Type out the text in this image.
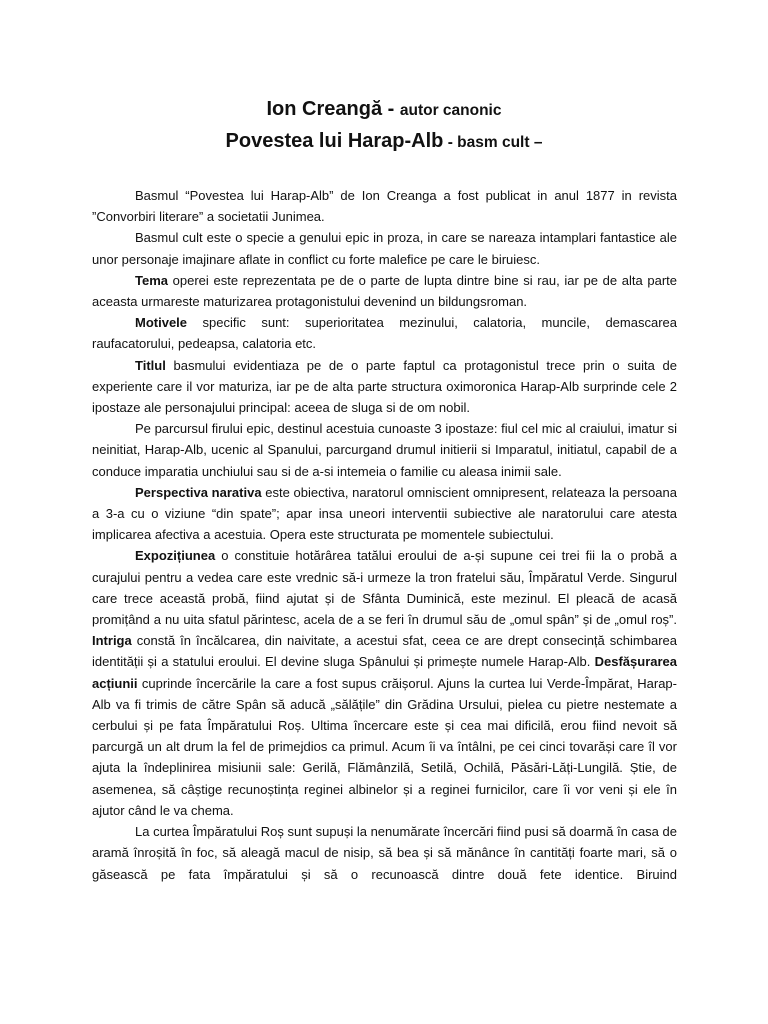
Ion Creangă - autor canonic
Povestea lui Harap-Alb - basm cult –

Basmul “Povestea lui Harap-Alb” de Ion Creanga a fost publicat in anul 1877 in revista ”Convorbiri literare” a societatii Junimea.

Basmul cult este o specie a genului epic in proza, in care se nareaza intamplari fantastice ale unor personaje imajinare aflate in conflict cu forte malefice pe care le biruiesc.

Tema operei este reprezentata pe de o parte de lupta dintre bine si rau, iar pe de alta parte aceasta urmareste maturizarea protagonistului devenind un bildungsroman.

Motivele specific sunt: superioritatea mezinului, calatoria, muncile, demascarea raufacatorului, pedeapsa, calatoria etc.

Titlul basmului evidentiaza pe de o parte faptul ca protagonistul trece prin o suita de experiente care il vor maturiza, iar pe de alta parte structura oximoronica Harap-Alb surprinde cele 2 ipostaze ale personajului principal: aceea de sluga si de om nobil.

Pe parcursul firului epic, destinul acestuia cunoaste 3 ipostaze: fiul cel mic al craiului, imatur si neinitiat, Harap-Alb, ucenic al Spanului, parcurgand drumul initierii si Imparatul, initiatul, capabil de a conduce imparatia unchiului sau si de a-si intemeia o familie cu aleasa inimii sale.

Perspectiva narativa este obiectiva, naratorul omniscient omnipresent, relateaza la persoana a 3-a cu o viziune “din spate”; apar insa uneori interventii subiective ale naratorului care atesta implicarea afectiva a acestuia. Opera este structurata pe momentele subiectului.

Expozițiunea o constituie hotărârea tatălui eroului de a-și supune cei trei fii la o probă a curajului pentru a vedea care este vrednic să-i urmeze la tron fratelui său, Împăratul Verde. Singurul care trece această probă, fiind ajutat și de Sfânta Duminică, este mezinul. El pleacă de acasă promițând a nu uita sfatul părintesc, acela de a se feri în drumul său de „omul spân” și de „omul roș”. Intriga constă în încălcarea, din naivitate, a acestui sfat, ceea ce are drept consecință schimbarea identității și a statului eroului. El devine sluga Spânului și primește numele Harap-Alb. Desfășurarea acțiunii cuprinde încercările la care a fost supus crăișorul. Ajuns la curtea lui Verde-Împărat, Harap-Alb va fi trimis de către Spân să aducă „sălățile” din Grădina Ursului, pielea cu pietre nestemate a cerbului și pe fata Împăratului Roș. Ultima încercare este și cea mai dificilă, erou fiind nevoit să parcurgă un alt drum la fel de primejdios ca primul. Acum îi va întâlni, pe cei cinci tovarăși care îl vor ajuta la îndeplinirea misiunii sale: Gerilă, Flămânzilă, Setilă, Ochilă, Păsări-Lăți-Lungilă. Știe, de asemenea, să câștige recunoștința reginei albinelor și a reginei furnicilor, care îi vor veni și ele în ajutor când le va chema.

La curtea Împăratului Roș sunt supuși la nenumărate încercări fiind pusi să doarmă în casa de aramă înroșită în foc, să aleagă macul de nisip, să bea și să mănânce în cantități foarte mari, să o găsească pe fata împăratului și să o recunoască dintre două fete identice. Biruind
